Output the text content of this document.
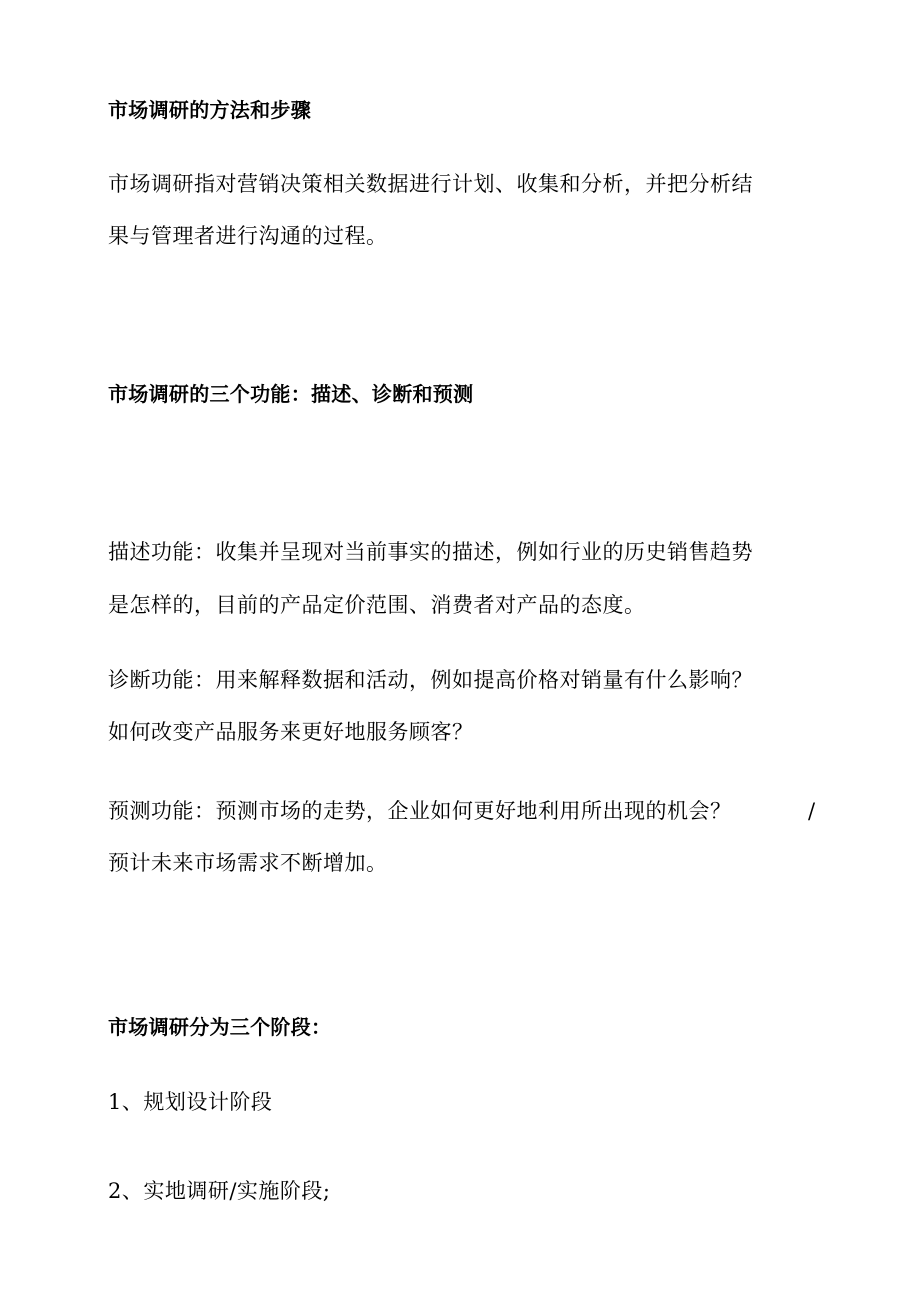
市场调研的方法和步骤
市场调研指对营销决策相关数据进行计划、收集和分析，并把分析结
果与管理者进行沟通的过程。
市场调研的三个功能：描述、诊断和预测
描述功能：收集并呈现对当前事实的描述，例如行业的历史销售趋势
是怎样的，目前的产品定价范围、消费者对产品的态度。
诊断功能：用来解释数据和活动，例如提高价格对销量有什么影响？
如何改变产品服务来更好地服务顾客？
预测功能：预测市场的走势，企业如何更好地利用所出现的机会？	/
预计未来市场需求不断增加。
市场调研分为三个阶段：
1、规划设计阶段
2、实地调研/实施阶段;
